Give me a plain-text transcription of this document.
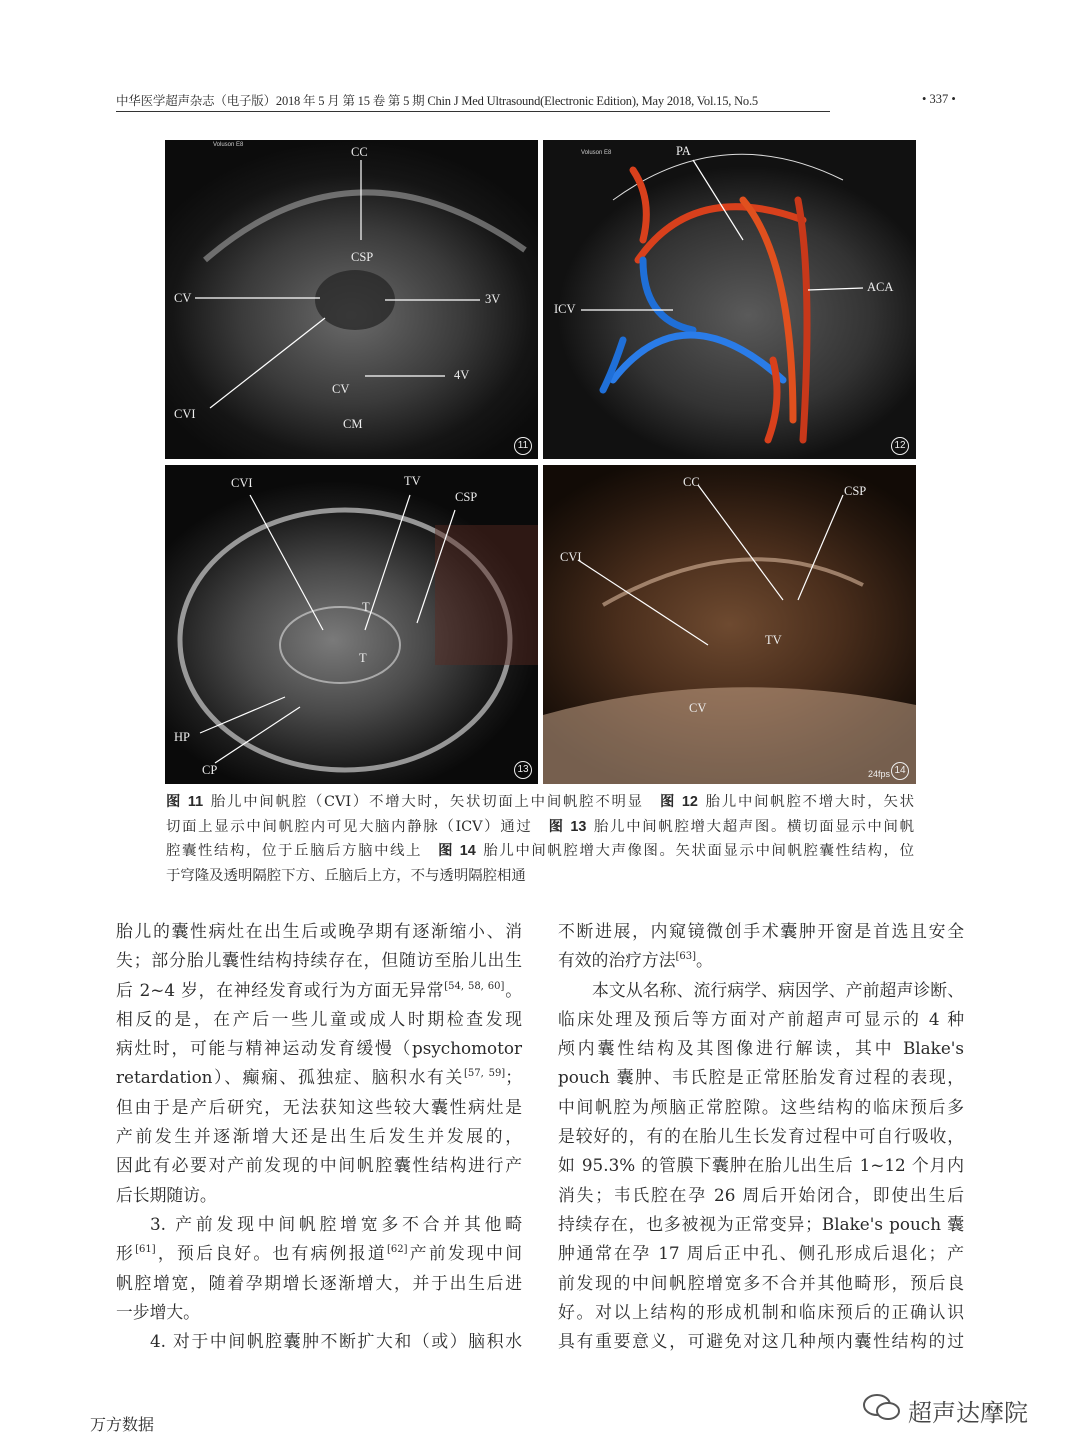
中华医学超声杂志（电子版）2018 年 5 月 第 15 卷 第 5 期 Chin J Med Ultrasound(Electronic Edition), May 2018, Vol.15, No.5	• 337 •
Voluson E8	CC
CSP
CV	3V
4V
CV
CVI
CM
11
Voluson E8	PA
ACA
ICV
12
CVI	TV
CSP
T
T
HP
CP	13
CC
CSP
CVI
TV
CV
24fps 14
图 11 胎儿中间帆腔（CVI）不增大时，矢状切面上中间帆腔不明显　图 12 胎儿中间帆腔不增大时，矢状
切面上显示中间帆腔内可见大脑内静脉（ICV）通过　图 13 胎儿中间帆腔增大超声图。横切面显示中间帆
腔囊性结构，位于丘脑后方脑中线上　图 14 胎儿中间帆腔增大声像图。矢状面显示中间帆腔囊性结构，位
于穹隆及透明隔腔下方、丘脑后上方，不与透明隔腔相通
胎儿的囊性病灶在出生后或晚孕期有逐渐缩小、消
失；部分胎儿囊性结构持续存在，但随访至胎儿出生
后 2~4 岁，在神经发育或行为方面无异常[54, 58, 60]。
相反的是，在产后一些儿童或成人时期检查发现
病灶时，可能与精神运动发育缓慢（psychomotor
retardation）、癫痫、孤独症、脑积水有关[57, 59]；
但由于是产后研究，无法获知这些较大囊性病灶是
产前发生并逐渐增大还是出生后发生并发展的，
因此有必要对产前发现的中间帆腔囊性结构进行产
后长期随访。
3. 产前发现中间帆腔增宽多不合并其他畸
形[61]，预后良好。也有病例报道[62]产前发现中间
帆腔增宽，随着孕期增长逐渐增大，并于出生后进
一步增大。
4. 对于中间帆腔囊肿不断扩大和（或）脑积水
不断进展，内窥镜微创手术囊肿开窗是首选且安全
有效的治疗方法[63]。
本文从名称、流行病学、病因学、产前超声诊断、
临床处理及预后等方面对产前超声可显示的 4 种
颅内囊性结构及其图像进行解读，其中 Blake's
pouch 囊肿、韦氏腔是正常胚胎发育过程的表现，
中间帆腔为颅脑正常腔隙。这些结构的临床预后多
是较好的，有的在胎儿生长发育过程中可自行吸收，
如 95.3% 的管膜下囊肿在胎儿出生后 1~12 个月内
消失；韦氏腔在孕 26 周后开始闭合，即使出生后
持续存在，也多被视为正常变异；Blake's pouch 囊
肿通常在孕 17 周后正中孔、侧孔形成后退化；产
前发现的中间帆腔增宽多不合并其他畸形，预后良
好。对以上结构的形成机制和临床预后的正确认识
具有重要意义，可避免对这几种颅内囊性结构的过
万方数据	超声达摩院
